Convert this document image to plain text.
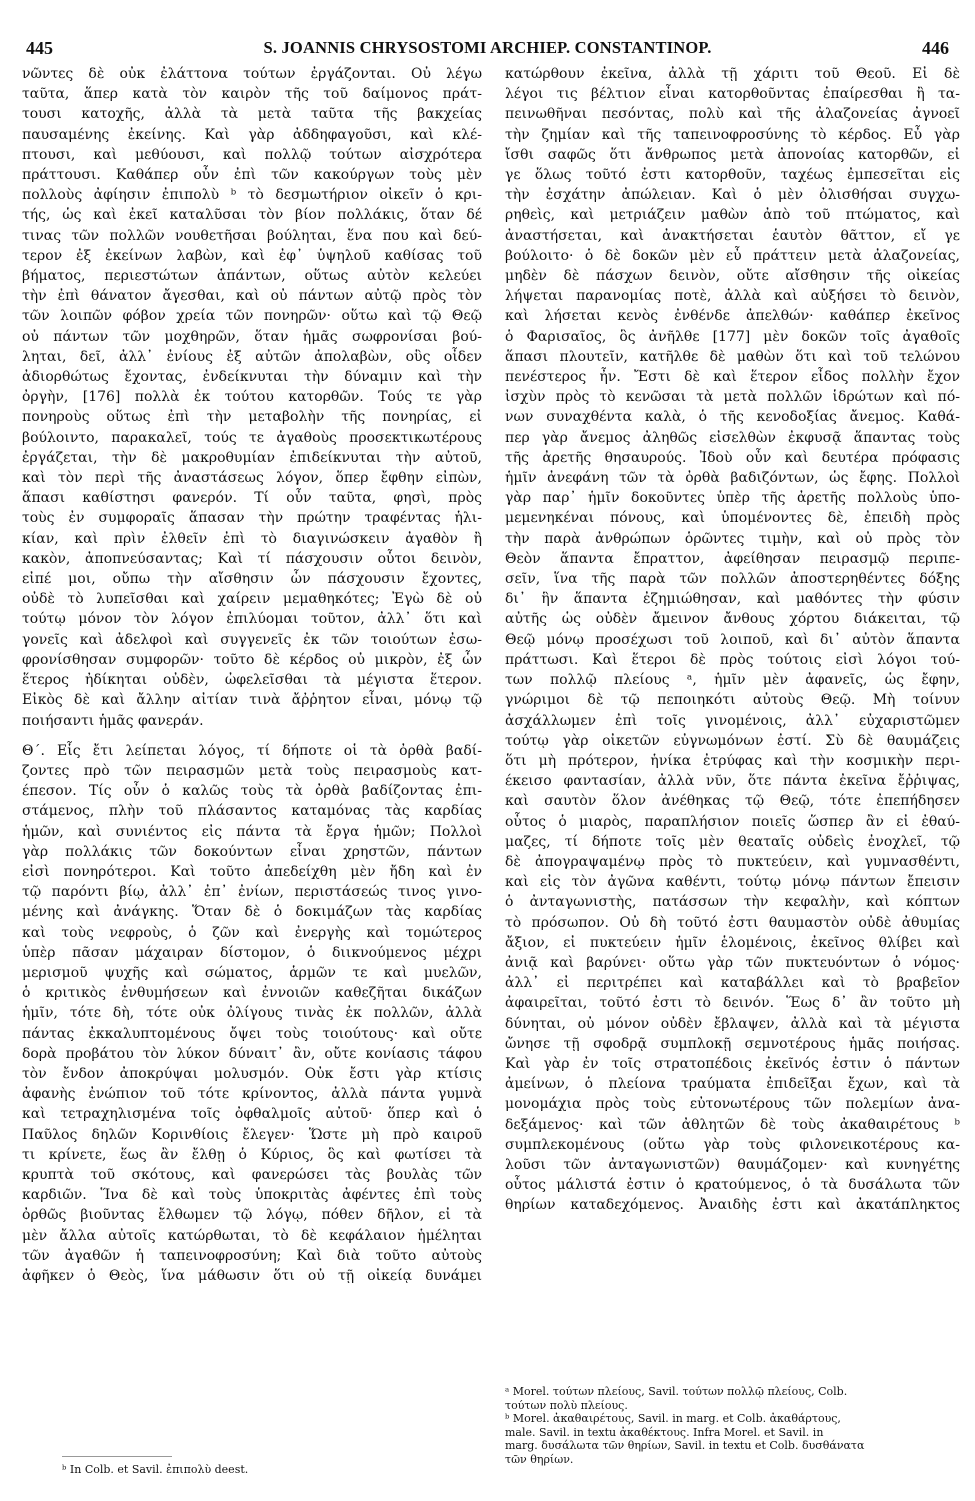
445	S. JOANNIS CHRYSOSTOMI ARCHIEP. CONSTANTINOP.	446
νῶντες δὲ οὐκ ἐλάττονα τούτων ἐργάζονται. Οὐ λέγω
ταῦτα, ἅπερ κατὰ τὸν καιρὸν τῆς τοῦ δαίμονος πράτ-
τουσι κατοχῆς, ἀλλὰ τὰ μετὰ ταῦτα τῆς βακχείας
παυσαμένης ἐκείνης. Καὶ γὰρ ἀδδηφαγοῦσι, καὶ κλέ-
πτουσι, καὶ μεθύουσι, καὶ πολλῷ τούτων αἰσχρότερα
πράττουσι. Καθάπερ οὖν ἐπὶ τῶν κακούργων τοὺς μὲν
πολλοὺς ἀφίησιν ἐπιπολὺ ᵇ τὸ δεσμωτήριον οἰκεῖν ὁ κρι-
τής, ὡς καὶ ἐκεῖ καταλῦσαι τὸν βίον πολλάκις, ὅταν δέ
τινας τῶν πολλῶν νουθετῆσαι βούληται, ἕνα που καὶ δεύ-
τερον ἐξ ἐκείνων λαβὼν, καὶ ἐφ᾽ ὑψηλοῦ καθίσας τοῦ
βήματος, περιεστώτων ἁπάντων, οὕτως αὐτὸν κελεύει
τὴν ἐπὶ θάνατον ἄγεσθαι, καὶ οὐ πάντων αὐτῷ πρὸς τὸν
τῶν λοιπῶν φόβον χρεία τῶν πονηρῶν· οὕτω καὶ τῷ Θεῷ
οὐ πάντων τῶν μοχθηρῶν, ὅταν ἡμᾶς σωφρονίσαι βού-
ληται, δεῖ, ἀλλ᾽ ἐνίους ἐξ αὐτῶν ἀπολαβὼν, οὓς οἶδεν
ἀδιορθώτως ἔχοντας, ἐνδείκνυται τὴν δύναμιν καὶ τὴν
ὀργὴν, [176] πολλὰ ἐκ τούτου κατορθῶν. Τούς τε γὰρ
πονηροὺς οὕτως ἐπὶ τὴν μεταβολὴν τῆς πονηρίας, εἰ
βούλοιντο, παρακαλεῖ, τούς τε ἀγαθοὺς προσεκτικωτέρους
ἐργάζεται, τὴν δὲ μακροθυμίαν ἐπιδείκνυται τὴν αὐτοῦ,
καὶ τὸν περὶ τῆς ἀναστάσεως λόγον, ὅπερ ἔφθην εἰπὼν,
ἅπασι καθίστησι φανερόν. Τί οὖν ταῦτα, φησὶ, πρὸς
τοὺς ἐν συμφοραῖς ἅπασαν τὴν πρώτην τραφέντας ἡλι-
κίαν, καὶ πρὶν ἐλθεῖν ἐπὶ τὸ διαγινώσκειν ἀγαθὸν ἢ
κακὸν, ἀποπνεύσαντας; Καὶ τί πάσχουσιν οὗτοι δεινὸν,
εἰπέ μοι, οὔπω τὴν αἴσθησιν ὧν πάσχουσιν ἔχοντες,
οὐδὲ τὸ λυπεῖσθαι καὶ χαίρειν μεμαθηκότες; Ἐγὼ δὲ οὐ
τούτῳ μόνον τὸν λόγον ἐπιλύομαι τοῦτον, ἀλλ᾽ ὅτι καὶ
γονεῖς καὶ ἀδελφοὶ καὶ συγγενεῖς ἐκ τῶν τοιούτων ἐσω-
φρονίσθησαν συμφορῶν· τοῦτο δὲ κέρδος οὐ μικρὸν, ἐξ ὧν
ἕτερος ἠδίκηται οὐδὲν, ὠφελεῖσθαι τὰ μέγιστα ἕτερον.
Εἰκὸς δὲ καὶ ἄλλην αἰτίαν τινὰ ἄῤῥητον εἶναι, μόνῳ τῷ
ποιήσαντι ἡμᾶς φανεράν.
Θ΄. Εἷς ἔτι λείπεται λόγος, τί δήποτε οἱ τὰ ὀρθὰ βαδί-
ζοντες πρὸ τῶν πειρασμῶν μετὰ τοὺς πειρασμοὺς κατ-
έπεσον. Τίς οὖν ὁ καλῶς τοὺς τὰ ὀρθὰ βαδίζοντας ἐπι-
στάμενος, πλὴν τοῦ πλάσαντος καταμόνας τὰς καρδίας
ἡμῶν, καὶ συνιέντος εἰς πάντα τὰ ἔργα ἡμῶν; Πολλοὶ
γὰρ πολλάκις τῶν δοκούντων εἶναι χρηστῶν, πάντων
εἰσὶ πονηρότεροι. Καὶ τοῦτο ἀπεδείχθη μὲν ἤδη καὶ ἐν
τῷ παρόντι βίῳ, ἀλλ᾽ ἐπ᾽ ἐνίων, περιστάσεώς τινος γινο-
μένης καὶ ἀνάγκης. Ὅταν δὲ ὁ δοκιμάζων τὰς καρδίας
καὶ τοὺς νεφροὺς, ὁ ζῶν καὶ ἐνεργὴς καὶ τομώτερος
ὑπὲρ πᾶσαν μάχαιραν δίστομον, ὁ διικνούμενος μέχρι
μερισμοῦ ψυχῆς καὶ σώματος, ἁρμῶν τε καὶ μυελῶν,
ὁ κριτικὸς ἐνθυμήσεων καὶ ἐννοιῶν καθεζῆται δικάζων
ἡμῖν, τότε δὴ, τότε οὐκ ὀλίγους τινὰς ἐκ πολλῶν, ἀλλὰ
πάντας ἐκκαλυπτομένους ὄψει τοὺς τοιούτους· καὶ οὔτε
δορὰ προβάτου τὸν λύκον δύναιτ᾽ ἂν, οὔτε κονίασις τάφου
τὸν ἔνδον ἀποκρύψαι μολυσμόν. Οὐκ ἔστι γὰρ κτίσις
ἀφανὴς ἐνώπιον τοῦ τότε κρίνοντος, ἀλλὰ πάντα γυμνὰ
καὶ τετραχηλισμένα τοῖς ὀφθαλμοῖς αὐτοῦ· ὅπερ καὶ ὁ
Παῦλος δηλῶν Κορινθίοις ἔλεγεν· Ὥστε μὴ πρὸ καιροῦ
τι κρίνετε, ἕως ἂν ἔλθῃ ὁ Κύριος, ὃς καὶ φωτίσει τὰ
κρυπτὰ τοῦ σκότους, καὶ φανερώσει τὰς βουλὰς τῶν
καρδιῶν. Ἵνα δὲ καὶ τοὺς ὑποκριτὰς ἀφέντες ἐπὶ τοὺς
ὀρθῶς βιοῦντας ἔλθωμεν τῷ λόγῳ, πόθεν δῆλον, εἰ τὰ
μὲν ἄλλα αὐτοῖς κατώρθωται, τὸ δὲ κεφάλαιον ἡμέληται
τῶν ἀγαθῶν ἡ ταπεινοφροσύνη; Καὶ διὰ τοῦτο αὐτοὺς
ἀφῆκεν ὁ Θεὸς, ἵνα μάθωσιν ὅτι οὐ τῇ οἰκείᾳ δυνάμει
κατώρθουν ἐκεῖνα, ἀλλὰ τῇ χάριτι τοῦ Θεοῦ. Εἰ δὲ
λέγοι τις βέλτιον εἶναι κατορθοῦντας ἐπαίρεσθαι ἢ τα-
πεινωθῆναι πεσόντας, πολὺ καὶ τῆς ἀλαζονείας ἀγνοεῖ
τὴν ζημίαν καὶ τῆς ταπεινοφροσύνης τὸ κέρδος. Εὖ γὰρ
ἴσθι σαφῶς ὅτι ἄνθρωπος μετὰ ἀπονοίας κατορθῶν, εἰ
γε ὅλως τοῦτό ἐστι κατορθοῦν, ταχέως ἐμπεσεῖται εἰς
τὴν ἐσχάτην ἀπώλειαν. Καὶ ὁ μὲν ὀλισθήσαι συγχω-
ρηθεὶς, καὶ μετριάζειν μαθὼν ἀπὸ τοῦ πτώματος, καὶ
ἀναστήσεται, καὶ ἀνακτήσεται ἑαυτὸν θᾶττον, εἴ γε
βούλοιτο· ὁ δὲ δοκῶν μὲν εὖ πράττειν μετὰ ἀλαζονείας,
μηδὲν δὲ πάσχων δεινὸν, οὔτε αἴσθησιν τῆς οἰκείας
λήψεται παρανομίας ποτὲ, ἀλλὰ καὶ αὐξήσει τὸ δεινὸν,
καὶ λήσεται κενὸς ἐνθένδε ἀπελθών· καθάπερ ἐκεῖνος
ὁ Φαρισαῖος, ὃς ἀνῆλθε [177] μὲν δοκῶν τοῖς ἀγαθοῖς
ἅπασι πλουτεῖν, κατῆλθε δὲ μαθὼν ὅτι καὶ τοῦ τελώνου
πενέστερος ἦν. Ἔστι δὲ καὶ ἕτερον εἶδος πολλὴν ἔχον
ἰσχὺν πρὸς τὸ κενῶσαι τὰ μετὰ πολλῶν ἱδρώτων καὶ πό-
νων συναχθέντα καλὰ, ὁ τῆς κενοδοξίας ἄνεμος. Καθά-
περ γὰρ ἄνεμος ἀληθῶς εἰσελθὼν ἐκφυσᾷ ἅπαντας τοὺς
τῆς ἀρετῆς θησαυρούς. Ἰδοὺ οὖν καὶ δευτέρα πρόφασις
ἡμῖν ἀνεφάνη τῶν τὰ ὀρθὰ βαδιζόντων, ὡς ἔφης. Πολλοὶ
γὰρ παρ᾽ ἡμῖν δοκοῦντες ὑπὲρ τῆς ἀρετῆς πολλοὺς ὑπο-
μεμενηκέναι πόνους, καὶ ὑπομένοντες δὲ, ἐπειδὴ πρὸς
τὴν παρὰ ἀνθρώπων ὁρῶντες τιμὴν, καὶ οὐ πρὸς τὸν
Θεὸν ἅπαντα ἔπραττον, ἀφείθησαν πειρασμῷ περιπε-
σεῖν, ἵνα τῆς παρὰ τῶν πολλῶν ἀποστερηθέντες δόξης
δι᾽ ἣν ἅπαντα ἐζημιώθησαν, καὶ μαθόντες τὴν φύσιν
αὐτῆς ὡς οὐδὲν ἄμεινον ἄνθους χόρτου διάκειται, τῷ
Θεῷ μόνῳ προσέχωσι τοῦ λοιποῦ, καὶ δι᾽ αὐτὸν ἅπαντα
πράττωσι. Καὶ ἕτεροι δὲ πρὸς τούτοις εἰσὶ λόγοι τού-
των πολλῷ πλείους ᵃ, ἡμῖν μὲν ἀφανεῖς, ὡς ἔφην,
γνώριμοι δὲ τῷ πεποιηκότι αὐτοὺς Θεῷ. Μὴ τοίνυν
ἀσχάλλωμεν ἐπὶ τοῖς γινομένοις, ἀλλ᾽ εὐχαριστῶμεν
τούτῳ γὰρ οἰκετῶν εὐγνωμόνων ἐστί. Σὺ δὲ θαυμάζεις
ὅτι μὴ πρότερον, ἡνίκα ἐτρύφας καὶ τὴν κοσμικὴν περι-
έκεισο φαντασίαν, ἀλλὰ νῦν, ὅτε πάντα ἐκεῖνα ἔῤῥιψας,
καὶ σαυτὸν ὅλον ἀνέθηκας τῷ Θεῷ, τότε ἐπεπήδησεν
οὗτος ὁ μιαρὸς, παραπλήσιον ποιεῖς ὥσπερ ἂν εἰ ἐθαύ-
μαζες, τί δήποτε τοῖς μὲν θεαταῖς οὐδεὶς ἐνοχλεῖ, τῷ
δὲ ἀπογραψαμένῳ πρὸς τὸ πυκτεύειν, καὶ γυμνασθέντι,
καὶ εἰς τὸν ἀγῶνα καθέντι, τούτῳ μόνῳ πάντων ἔπεισιν
ὁ ἀνταγωνιστὴς, πατάσσων τὴν κεφαλὴν, καὶ κόπτων
τὸ πρόσωπον. Οὐ δὴ τοῦτό ἐστι θαυμαστὸν οὐδὲ ἀθυμίας
ἄξιον, εἰ πυκτεύειν ἡμῖν ἑλομένοις, ἐκεῖνος θλίβει καὶ
ἀνιᾷ καὶ βαρύνει· οὕτω γὰρ τῶν πυκτευόντων ὁ νόμος·
ἀλλ᾽ εἰ περιτρέπει καὶ καταβάλλει καὶ τὸ βραβεῖον
ἀφαιρεῖται, τοῦτό ἐστι τὸ δεινόν. Ἕως δ᾽ ἂν τοῦτο μὴ
δύνηται, οὐ μόνον οὐδὲν ἔβλαψεν, ἀλλὰ καὶ τὰ μέγιστα
ὤνησε τῇ σφοδρᾷ συμπλοκῇ σεμνοτέρους ἡμᾶς ποιήσας.
Καὶ γὰρ ἐν τοῖς στρατοπέδοις ἐκεῖνός ἐστιν ὁ πάντων
ἀμείνων, ὁ πλείονα τραύματα ἐπιδεῖξαι ἔχων, καὶ τὰ
μονομάχια πρὸς τοὺς εὐτονωτέρους τῶν πολεμίων ἀνα-
δεξάμενος· καὶ τῶν ἀθλητῶν δὲ τοὺς ἀκαθαιρέτους ᵇ
συμπλεκομένους (οὕτω γὰρ τοὺς φιλονεικοτέρους κα-
λοῦσι τῶν ἀνταγωνιστῶν) θαυμάζομεν· καὶ κυνηγέτης
οὗτος μάλιστά ἐστιν ὁ κρατούμενος, ὁ τὰ δυσάλωτα τῶν
θηρίων καταδεχόμενος. Ἀναιδὴς ἐστι καὶ ἀκατάπληκτος
ᵃ Morel. τούτων πλείους, Savil. τούτων πολλῷ πλείους, Colb.
τούτων πολὺ πλείους.
ᵇ Morel. ἀκαθαιρέτους, Savil. in marg. et Colb. ἀκαθάρτους,
male. Savil. in textu ἀκαθέκτους. Infra Morel. et Savil. in
marg. δυσάλωτα τῶν θηρίων, Savil. in textu et Colb. δυσθάνατα
τῶν θηρίων.
ᵇ In Colb. et Savil. ἐπιπολὺ deest.
